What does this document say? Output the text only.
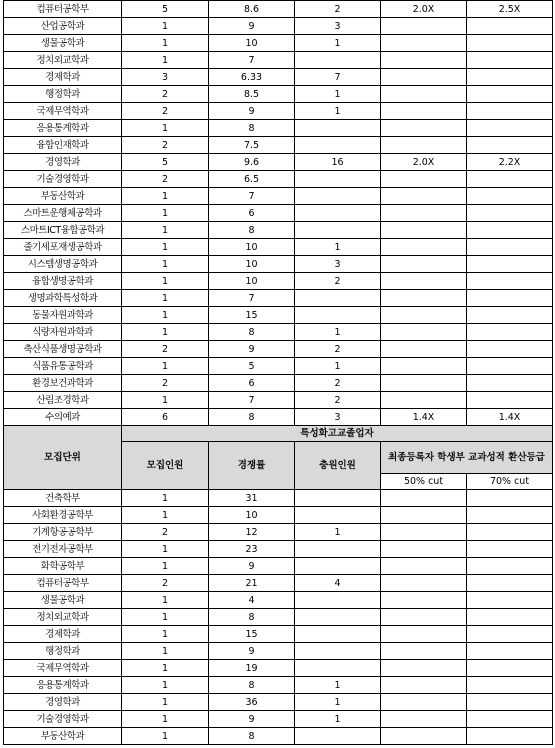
컴퓨터공학부	5	8.6	2	2.0X	2.5X
산업공학과	1	9	3		
생물공학과	1	10	1		
정치외교학과	1	7			
경제학과	3	6.33	7		
행정학과	2	8.5	1		
국제무역학과	2	9	1		
응용통계학과	1	8			
융합인재학과	2	7.5			
경영학과	5	9.6	16	2.0X	2.2X
기술경영학과	2	6.5			
부동산학과	1	7			
스마트운행체공학과	1	6			
스마트ICT융합공학과	1	8			
줄기세포재생공학과	1	10	1		
시스템생명공학과	1	10	3		
융합생명공학과	1	10	2		
생명과학특성학과	1	7			
동물자원과학과	1	15			
식량자원과학과	1	8	1		
축산식품생명공학과	2	9	2		
식품유통공학과	1	5	1		
환경보건과학과	2	6	2		
산림조경학과	1	7	2		
수의예과	6	8	3	1.4X	1.4X
모집단위	특성화고교졸업자				
	모집인원	경쟁률	충원인원	최종등록자 학생부 교과성적 환산등급	
				50% cut	70% cut
건축학부	1	31			
사회환경공학부	1	10			
기계항공공학부	2	12	1		
전기전자공학부	1	23			
화학공학부	1	9			
컴퓨터공학부	2	21	4		
생물공학과	1	4			
정치외교학과	1	8			
경제학과	1	15			
행정학과	1	9			
국제무역학과	1	19			
응용통계학과	1	8	1		
경영학과	1	36	1		
기술경영학과	1	9	1		
부동산학과	1	8			
